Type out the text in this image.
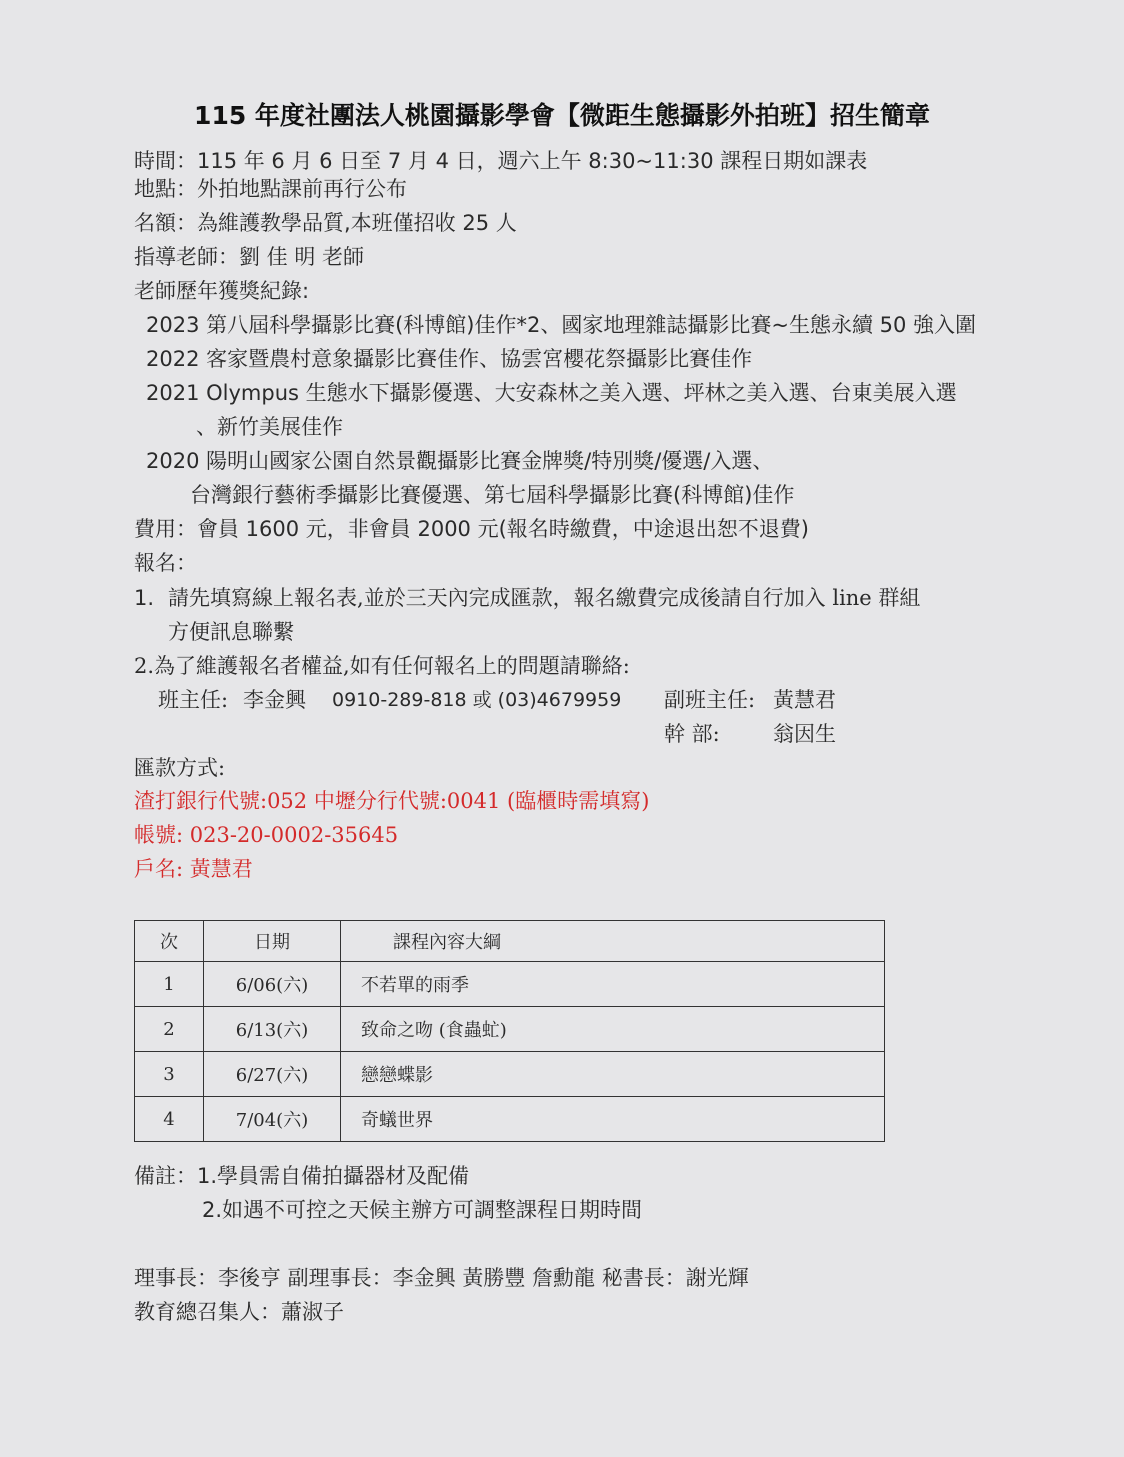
115 年度社團法人桃園攝影學會【微距生態攝影外拍班】招生簡章
時間：115 年 6 月 6 日至 7 月 4 日，週六上午 8:30~11:30 課程日期如課表
地點：外拍地點課前再行公布
名額：為維護教學品質,本班僅招收 25 人
指導老師：劉 佳 明 老師
老師歷年獲獎紀錄:
2023 第八屆科學攝影比賽(科博館)佳作*2、國家地理雜誌攝影比賽~生態永續 50 強入圍
2022 客家暨農村意象攝影比賽佳作、協雲宮櫻花祭攝影比賽佳作
2021 Olympus 生態水下攝影優選、大安森林之美入選、坪林之美入選、台東美展入選
、新竹美展佳作
2020 陽明山國家公園自然景觀攝影比賽金牌獎/特別獎/優選/入選、
台灣銀行藝術季攝影比賽優選、第七屆科學攝影比賽(科博館)佳作
費用：會員 1600 元，非會員 2000 元(報名時繳費，中途退出恕不退費)
報名：
1. 請先填寫線上報名表,並於三天內完成匯款，報名繳費完成後請自行加入 line 群組
方便訊息聯繫
2.為了維護報名者權益,如有任何報名上的問題請聯絡:
班主任: 李金興 0910-289-818 或 (03)4679959 副班主任: 黃慧君
幹 部:	翁因生
匯款方式:
渣打銀行代號:052 中壢分行代號:0041 (臨櫃時需填寫)
帳號: 023-20-0002-35645
戶名: 黃慧君
次	日期	課程內容大綱
1	6/06(六)	不若單的雨季
2	6/13(六)	致命之吻 (食蟲虻)
3	6/27(六)	戀戀蝶影
4	7/04(六)	奇蟻世界
備註：1.學員需自備拍攝器材及配備
2.如遇不可控之天候主辦方可調整課程日期時間
理事長：李後亨 副理事長：李金興 黃勝豐 詹勳龍 秘書長：謝光輝
教育總召集人：蕭淑子
